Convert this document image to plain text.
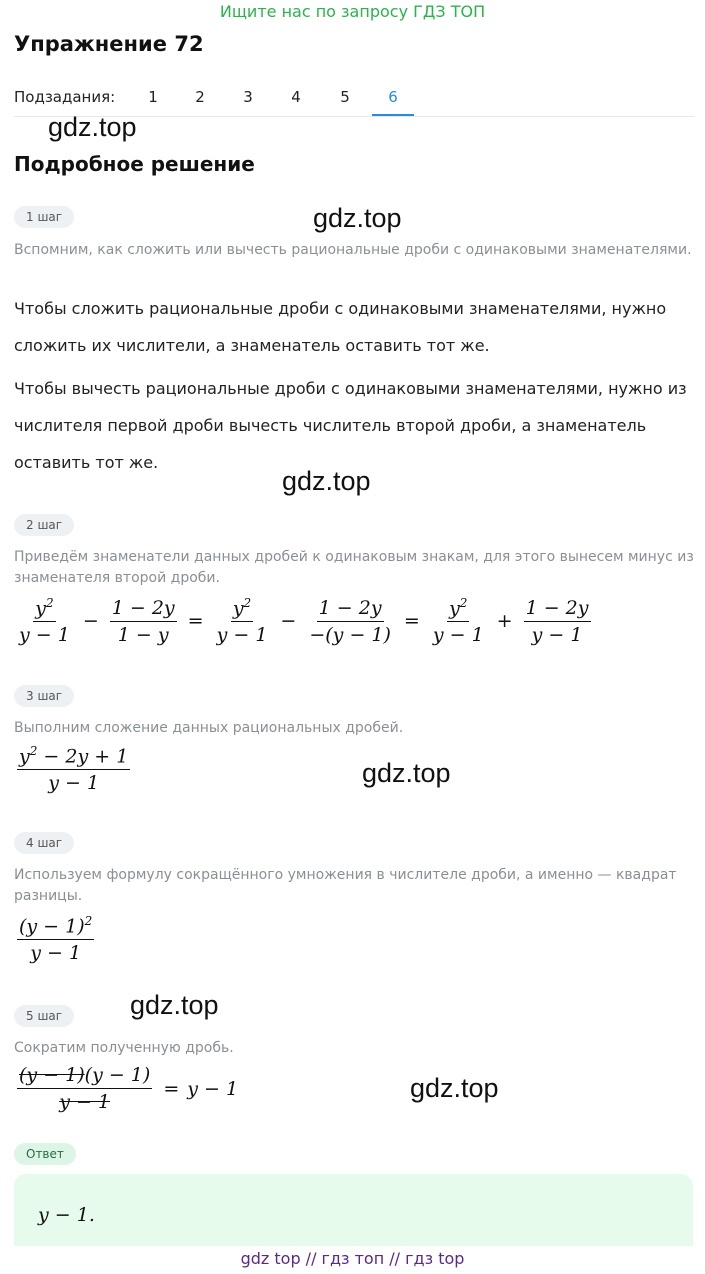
Ищите нас по запросу ГДЗ ТОП
Упражнение 72
Подзадания:	1	2	3	4	5	6
gdz.top
Подробное решение
1 шаг	gdz.top
Вспомним, как сложить или вычесть рациональные дроби с одинаковыми знаменателями.
Чтобы сложить рациональные дроби с одинаковыми знаменателями, нужно сложить их числители, а знаменатель оставить тот же.
Чтобы вычесть рациональные дроби с одинаковыми знаменателями, нужно из числителя первой дроби вычесть числитель второй дроби, а знаменатель оставить тот же.
gdz.top
2 шаг
Приведём знаменатели данных дробей к одинаковым знакам, для этого вынесем минус из знаменателя второй дроби.
$\frac{y^2}{y - 1} - \frac{1 - 2y}{1 - y} = \frac{y^2}{y - 1} - \frac{1 - 2y}{-(y - 1)} = \frac{y^2}{y - 1} + \frac{1 - 2y}{y - 1}$
3 шаг
Выполним сложение данных рациональных дробей.
$\frac{y^2 - 2y + 1}{y - 1}$	gdz.top
4 шаг
Используем формулу сокращённого умножения в числителе дроби, а именно — квадрат разницы.
$\frac{(y - 1)^2}{y - 1}$
gdz.top
5 шаг
Сократим полученную дробь.
$\frac{(y - 1)(y - 1)}{y - 1} = y - 1$	gdz.top
Ответ
y − 1.
gdz top // гдз топ // гдз top
